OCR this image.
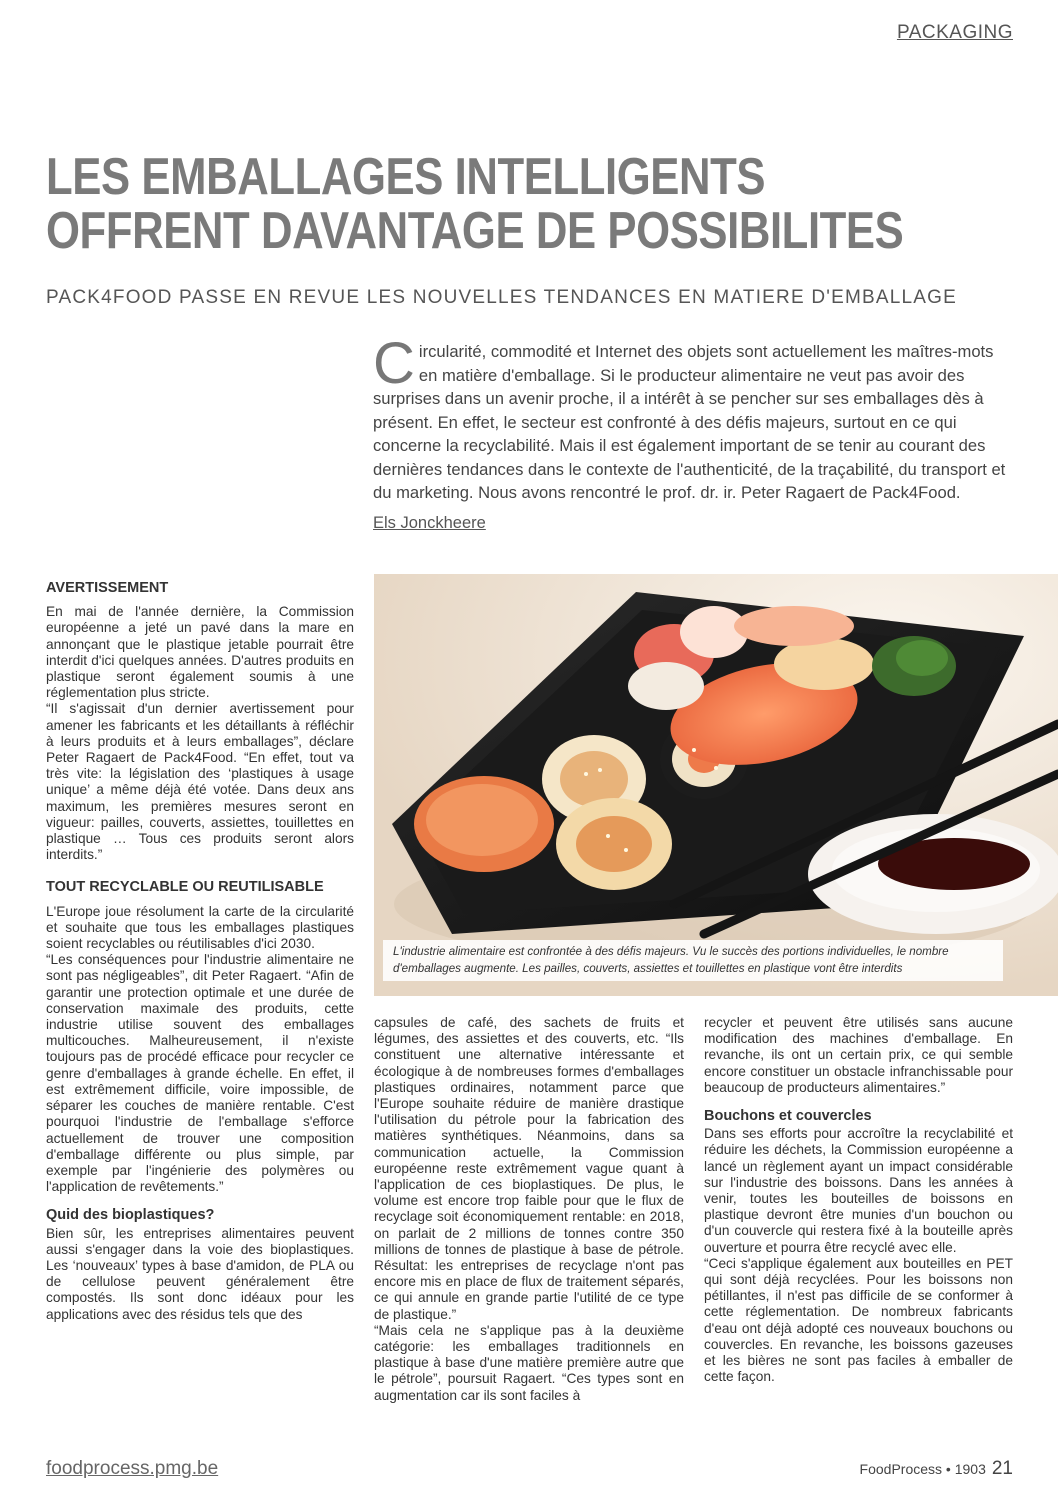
PACKAGING
LES EMBALLAGES INTELLIGENTS
OFFRENT DAVANTAGE DE POSSIBILITES
PACK4FOOD PASSE EN REVUE LES NOUVELLES TENDANCES EN MATIERE D'EMBALLAGE
Circularité, commodité et Internet des objets sont actuellement les maîtres-mots en matière d'emballage. Si le producteur alimentaire ne veut pas avoir des surprises dans un avenir proche, il a intérêt à se pencher sur ses emballages dès à présent. En effet, le secteur est confronté à des défis majeurs, surtout en ce qui concerne la recyclabilité. Mais il est également important de se tenir au courant des dernières tendances dans le contexte de l'authenticité, de la traçabilité, du transport et du marketing. Nous avons rencontré le prof. dr. ir. Peter Ragaert de Pack4Food.
Els Jonckheere
L'industrie alimentaire est confrontée à des défis majeurs. Vu le succès des portions individuelles, le nombre
d'emballages augmente. Les pailles, couverts, assiettes et touillettes en plastique vont être interdits
AVERTISSEMENT

En mai de l'année dernière, la Commission européenne a jeté un pavé dans la mare en annonçant que le plastique jetable pourrait être interdit d'ici quelques années. D'autres produits en plastique seront également soumis à une réglementation plus stricte.

“Il s'agissait d'un dernier avertissement pour amener les fabricants et les détaillants à réfléchir à leurs produits et à leurs emballages”, déclare Peter Ragaert de Pack4Food. “En effet, tout va très vite: la législation des ‘plastiques à usage unique’ a même déjà été votée. Dans deux ans maximum, les premières mesures seront en vigueur: pailles, couverts, assiettes, touillettes en plastique … Tous ces produits seront alors interdits.”

TOUT RECYCLABLE OU REUTILISABLE

L'Europe joue résolument la carte de la circularité et souhaite que tous les emballages plastiques soient recyclables ou réutilisables d'ici 2030.

“Les conséquences pour l'industrie alimentaire ne sont pas négligeables”, dit Peter Ragaert. “Afin de garantir une protection optimale et une durée de conservation maximale des produits, cette industrie utilise souvent des emballages multicouches. Malheureusement, il n'existe toujours pas de procédé efficace pour recycler ce genre d'emballages à grande échelle. En effet, il est extrêmement difficile, voire impossible, de séparer les couches de manière rentable. C'est pourquoi l'industrie de l'emballage s'efforce actuellement de trouver une composition d'emballage différente ou plus simple, par exemple par l'ingénierie des polymères ou l'application de revêtements.”

Quid des bioplastiques?

Bien sûr, les entreprises alimentaires peuvent aussi s'engager dans la voie des bioplastiques. Les ‘nouveaux’ types à base d'amidon, de PLA ou de cellulose peuvent généralement être compostés. Ils sont donc idéaux pour les applications avec des résidus tels que des

capsules de café, des sachets de fruits et légumes, des assiettes et des couverts, etc. “Ils constituent une alternative intéressante et écologique à de nombreuses formes d'emballages plastiques ordinaires, notamment parce que l'Europe souhaite réduire de manière drastique l'utilisation du pétrole pour la fabrication des matières synthétiques. Néanmoins, dans sa communication actuelle, la Commission européenne reste extrêmement vague quant à l'application de ces bioplastiques. De plus, le volume est encore trop faible pour que le flux de recyclage soit économiquement rentable: en 2018, on parlait de 2 millions de tonnes contre 350 millions de tonnes de plastique à base de pétrole. Résultat: les entreprises de recyclage n'ont pas encore mis en place de flux de traitement séparés, ce qui annule en grande partie l'utilité de ce type de plastique.”

“Mais cela ne s'applique pas à la deuxième catégorie: les emballages traditionnels en plastique à base d'une matière première autre que le pétrole”, poursuit Ragaert. “Ces types sont en augmentation car ils sont faciles à

recycler et peuvent être utilisés sans aucune modification des machines d'emballage. En revanche, ils ont un certain prix, ce qui semble encore constituer un obstacle infranchissable pour beaucoup de producteurs alimentaires.”

Bouchons et couvercles

Dans ses efforts pour accroître la recyclabilité et réduire les déchets, la Commission européenne a lancé un règlement ayant un impact considérable sur l'industrie des boissons. Dans les années à venir, toutes les bouteilles de boissons en plastique devront être munies d'un bouchon ou d'un couvercle qui restera fixé à la bouteille après ouverture et pourra être recyclé avec elle.

“Ceci s'applique également aux bouteilles en PET qui sont déjà recyclées. Pour les boissons non pétillantes, il n'est pas difficile de se conformer à cette réglementation. De nombreux fabricants d'eau ont déjà adopté ces nouveaux bouchons ou couvercles. En revanche, les boissons gazeuses et les bières ne sont pas faciles à emballer de cette façon.

foodprocess.pmg.be	FoodProcess • 1903 21
